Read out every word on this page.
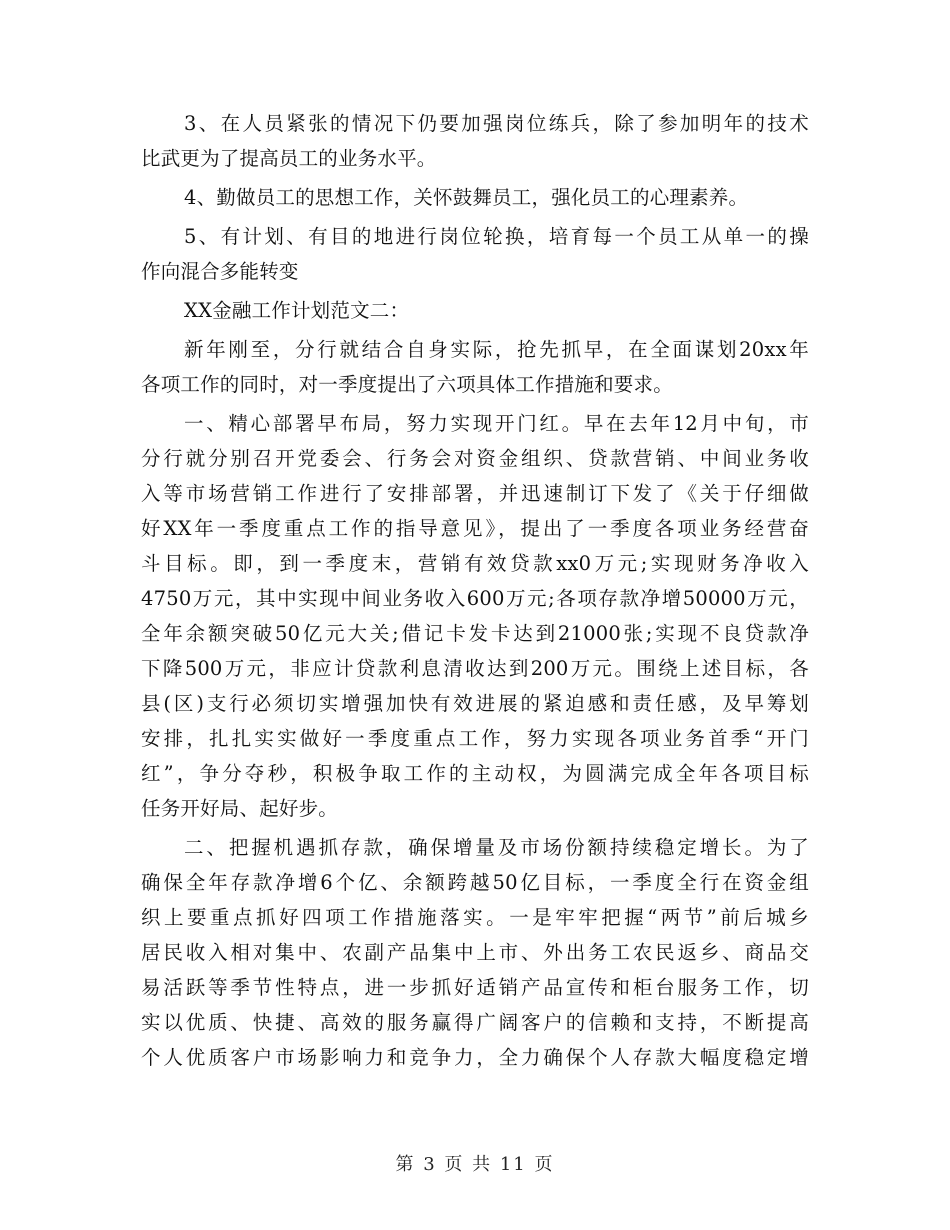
3、在人员紧张的情况下仍要加强岗位练兵，除了参加明年的技术
比武更为了提高员工的业务水平。
4、勤做员工的思想工作，关怀鼓舞员工，强化员工的心理素养。
5、有计划、有目的地进行岗位轮换，培育每一个员工从单一的操
作向混合多能转变
XX金融工作计划范文二：
新年刚至，分行就结合自身实际，抢先抓早，在全面谋划20xx年
各项工作的同时，对一季度提出了六项具体工作措施和要求。
一、精心部署早布局，努力实现开门红。早在去年12月中旬，市
分行就分别召开党委会、行务会对资金组织、贷款营销、中间业务收
入等市场营销工作进行了安排部署，并迅速制订下发了《关于仔细做
好XX年一季度重点工作的指导意见》，提出了一季度各项业务经营奋
斗目标。即，到一季度末，营销有效贷款xx0万元;实现财务净收入
4750万元，其中实现中间业务收入600万元;各项存款净增50000万元，
全年余额突破50亿元大关;借记卡发卡达到21000张;实现不良贷款净
下降500万元，非应计贷款利息清收达到200万元。围绕上述目标，各
县(区)支行必须切实增强加快有效进展的紧迫感和责任感，及早筹划
安排，扎扎实实做好一季度重点工作，努力实现各项业务首季“开门
红”，争分夺秒，积极争取工作的主动权，为圆满完成全年各项目标
任务开好局、起好步。
二、把握机遇抓存款，确保增量及市场份额持续稳定增长。为了
确保全年存款净增6个亿、余额跨越50亿目标，一季度全行在资金组
织上要重点抓好四项工作措施落实。一是牢牢把握“两节”前后城乡
居民收入相对集中、农副产品集中上市、外出务工农民返乡、商品交
易活跃等季节性特点，进一步抓好适销产品宣传和柜台服务工作，切
实以优质、快捷、高效的服务赢得广阔客户的信赖和支持，不断提高
个人优质客户市场影响力和竞争力，全力确保个人存款大幅度稳定增
第 3 页 共 11 页
